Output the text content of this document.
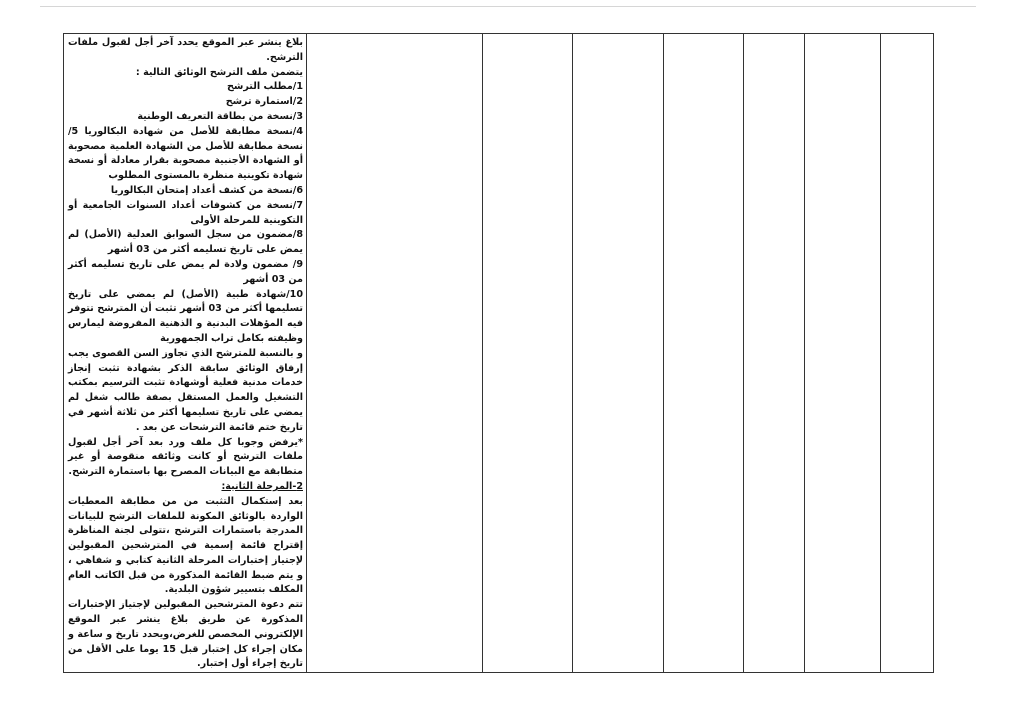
بلاغ ينشر عبر الموقع يحدد آخر أجل لقبول ملفات الترشح.

يتضمن ملف الترشح الوثائق التالية :

1/مطلب الترشح

2/استمارة ترشح

3/نسخة من بطاقة التعريف الوطنية

4/نسخة مطابقة للأصل من شهادة البكالوريا 5/نسخة مطابقة للأصل من الشهادة العلمية مصحوبة أو الشهادة الأجنبية مصحوبة بقرار معادلة أو نسخة شهادة تكوينية منظرة بالمستوى المطلوب

6/نسخة من كشف أعداد إمتحان البكالوريا

7/نسخة من كشوفات أعداد السنوات الجامعية أو التكوينية للمرحلة الأولى

8/مضمون من سجل السوابق العدلية (الأصل) لم يمض على تاريخ تسليمه أكثر من 03 أشهر

9/ مضمون ولادة لم يمض على تاريخ تسليمه أكثر من 03 أشهر

10/شهادة طبية (الأصل) لم يمضي على تاريخ تسليمها أكثر من 03 أشهر تثبت أن المترشح تتوفر فيه المؤهلات البدنية و الذهنية المفروضة ليمارس وظيفته بكامل تراب الجمهورية

و بالنسبة للمترشح الذي تجاوز السن القصوى يجب إرفاق الوثائق سابقة الذكر بشهادة تثبت إنجاز خدمات مدنية فعلية أوشهادة تثبت الترسيم بمكتب التشغيل والعمل المستقل بصفة طالب شغل لم يمضي على تاريخ تسليمها أكثر من ثلاثة أشهر في تاريخ ختم قائمة الترشحات عن بعد .

*يرفض وجوبا كل ملف ورد بعد آخر أجل لقبول ملفات الترشح أو كانت وثائقه منقوصة أو غير متطابقة مع البيانات المصرح بها باستمارة الترشح.

2-المرحلة الثانية:

بعد إستكمال التثبت من من مطابقة المعطيات الواردة بالوثائق المكونة للملفات الترشح للبيانات المدرجة باستمارات الترشح ،تتولى لجنة المناظرة إقتراح قائمة إسمية في المترشحين المقبولين لإجتياز إختبارات المرحلة الثانية كتابي و شفاهي ، و يتم ضبط القائمة المذكورة من قبل الكاتب العام المكلف بتسيير شؤون البلدية.

تتم دعوة المترشحين المقبولين لإجتياز الإختبارات المذكورة عن طريق بلاغ ينشر عبر الموقع الإلكتروني المخصص للغرض،ويحدد تاريخ و ساعة و مكان إجراء كل إختبار قبل 15 يوما على الأقل من تاريخ إجراء أول إختبار.
